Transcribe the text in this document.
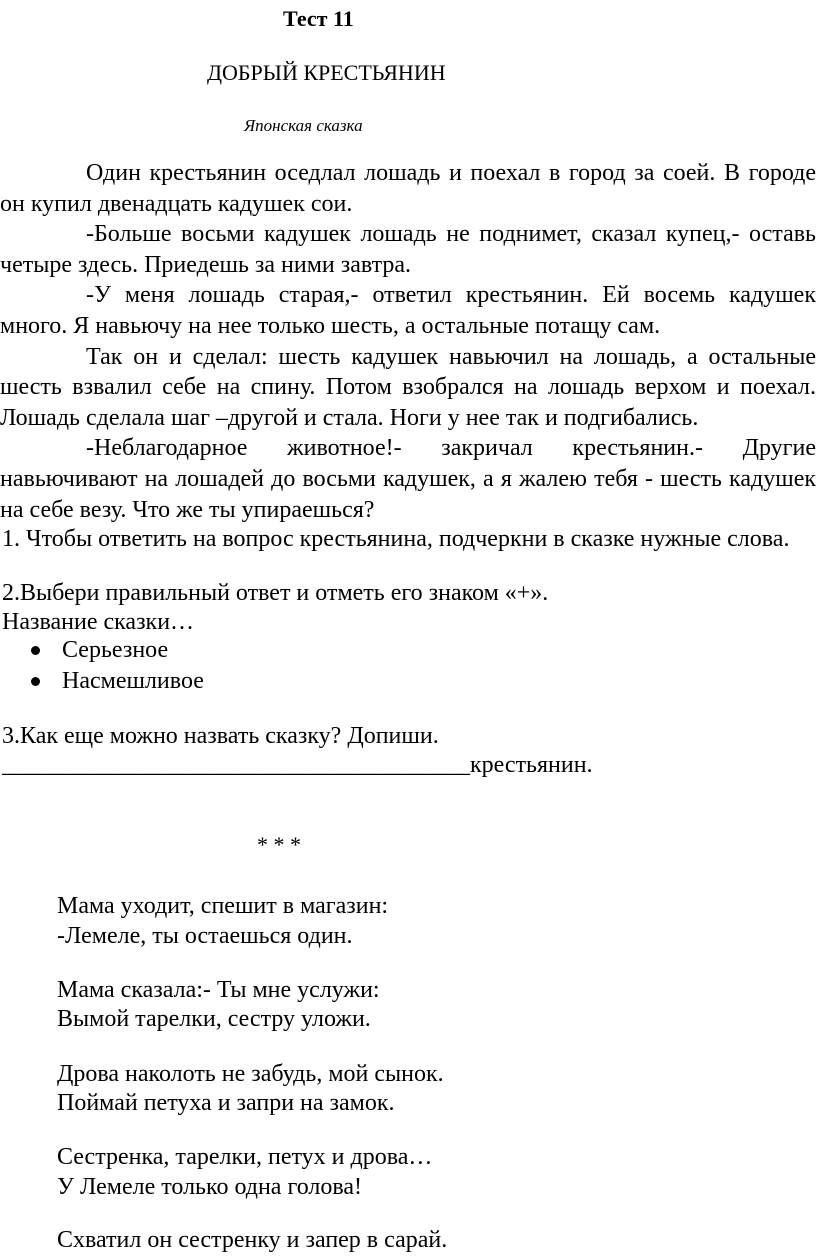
Тест 11
ДОБРЫЙ КРЕСТЬЯНИН
Японская сказка

Один крестьянин оседлал лошадь и поехал в город за соей. В городе он купил двенадцать кадушек сои.

-Больше восьми кадушек лошадь не поднимет, сказал купец,- оставь четыре здесь. Приедешь за ними завтра.

-У меня лошадь старая,- ответил крестьянин. Ей восемь кадушек много. Я навьючу на нее только шесть, а остальные потащу сам.

Так он и сделал: шесть кадушек навьючил на лошадь, а остальные шесть взвалил себе на спину. Потом взобрался на лошадь верхом и поехал. Лошадь сделала шаг –другой и стала. Ноги у нее так и подгибались.

-Неблагодарное животное!- закричал крестьянин.- Другие навьючивают на лошадей до восьми кадушек, а я жалею тебя - шесть кадушек на себе везу. Что же ты упираешься?

1. Чтобы ответить на вопрос крестьянина, подчеркни в сказке нужные слова.
2.Выбери правильный ответ и отметь его знаком «+».
Название сказки…
Серьезное
Насмешливое
3.Как еще можно назвать сказку? Допиши.
_______________________________________крестьянин.
* * *
Мама уходит, спешит в магазин:
-Лемеле, ты остаешься один.
Мама сказала:- Ты мне услужи:
Вымой тарелки, сестру уложи.
Дрова наколоть не забудь, мой сынок.
Поймай петуха и запри на замок.
Сестренка, тарелки, петух и дрова…
У Лемеле только одна голова!
Схватил он сестренку и запер в сарай.
